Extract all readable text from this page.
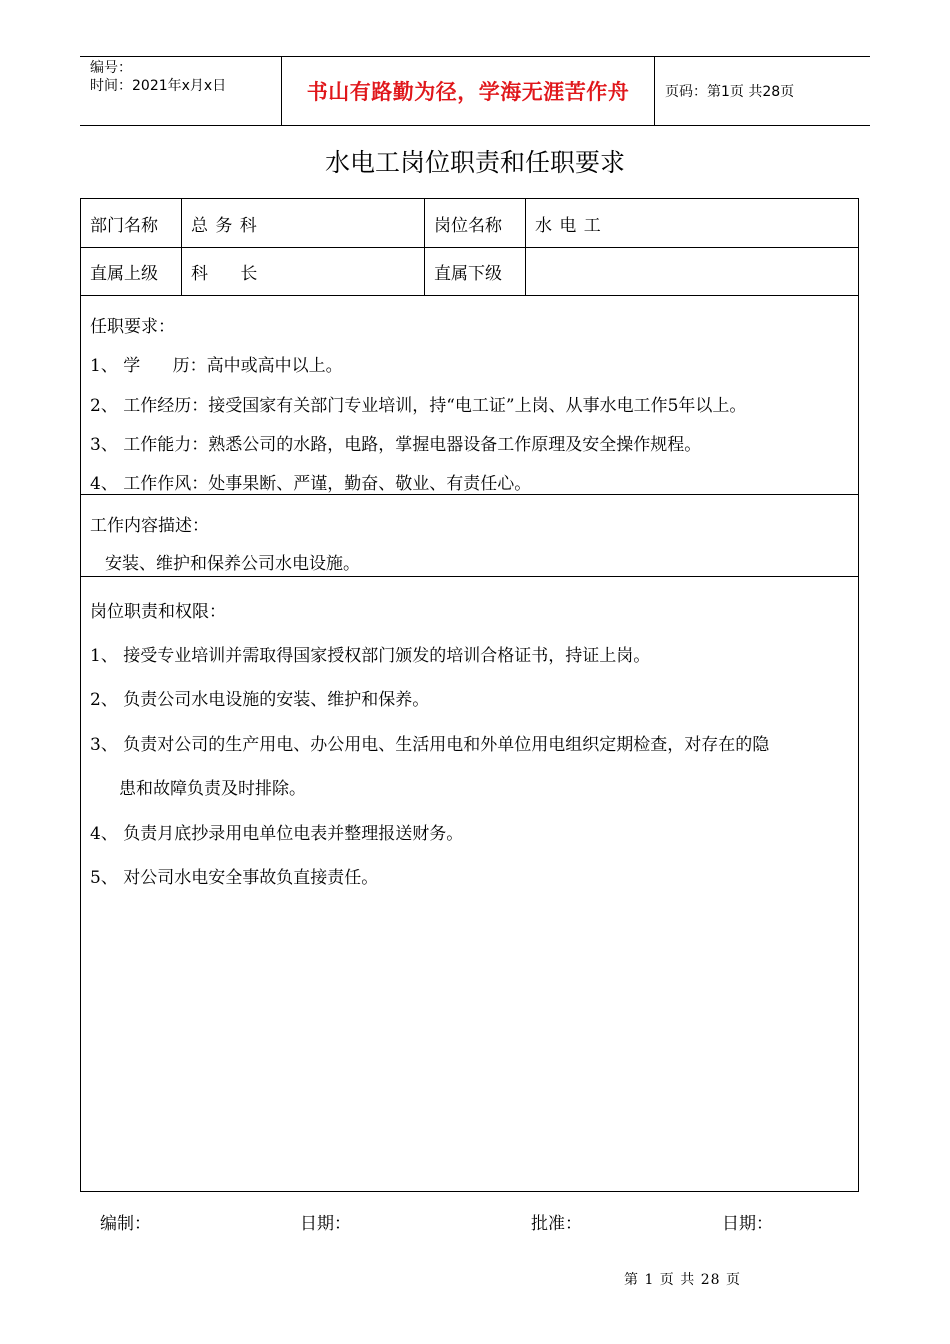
编号：
时间：2021年x月x日	书山有路勤为径，学海无涯苦作舟	页码：第1页 共28页
水电工岗位职责和任职要求
部门名称	总 务 科	岗位名称	水 电 工
直属上级	科      长	直属下级
任职要求：
1、 学      历：高中或高中以上。
2、 工作经历：接受国家有关部门专业培训，持“电工证”上岗、从事水电工作5年以上。
3、 工作能力：熟悉公司的水路，电路，掌握电器设备工作原理及安全操作规程。
4、 工作作风：处事果断、严谨，勤奋、敬业、有责任心。
工作内容描述：
安装、维护和保养公司水电设施。
岗位职责和权限：
1、 接受专业培训并需取得国家授权部门颁发的培训合格证书，持证上岗。
2、 负责公司水电设施的安装、维护和保养。
3、 负责对公司的生产用电、办公用电、生活用电和外单位用电组织定期检查，对存在的隐
患和故障负责及时排除。
4、 负责月底抄录用电单位电表并整理报送财务。
5、 对公司水电安全事故负直接责任。
编制：	日期：	批准：	日期：
第 1 页 共 28 页
